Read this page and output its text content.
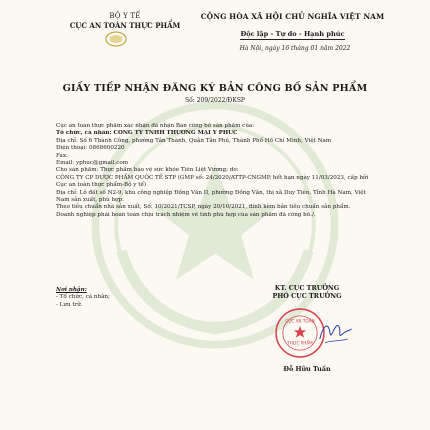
BỘ Y TẾ
CỤC AN TOÀN THỰC PHẨM
CỘNG HÒA XÃ HỘI CHỦ NGHĨA VIỆT NAM
Độc lập - Tự do - Hạnh phúc
Hà Nội, ngày 16 tháng 01 năm 2022
GIẤY TIẾP NHẬN ĐĂNG KÝ BẢN CÔNG BỐ SẢN PHẨM
Số: 209/2022/ĐKSP
Cục an toàn thực phẩm xác nhận đã nhận Bản công bố sản phẩm của:
Tổ chức, cá nhân: CÔNG TY TNHH THƯƠNG MẠI Y PHÚC
Địa chỉ: Số 6 Thành Công, phường Tân Thành, Quận Tân Phú, Thành Phố Hồ Chí Minh, Việt Nam
Điện thoại: 0868600220
Fax:
Email: yphuc@gmail.com
Cho sản phẩm: Thực phẩm bảo vệ sức khỏe Tiên Liệt Vương; do:
CÔNG TY CP DƯỢC PHẨM QUỐC TẾ STP (GMP số: 24/2020/ATTP-CNGMP, hết hạn ngày 11/03/2023, cấp bởi Cục an toàn thực phẩm-Bộ y tế)
Địa chỉ: Lô đất số N2-9, khu công nghiệp Đồng Văn II, phường Đồng Văn, thị xã Duy Tiên, Tỉnh Hà Nam, Việt Nam sản xuất, phù hợp:
Theo tiêu chuẩn nhà sản xuất, Số: 10/2021/TCSP, ngày 20/10/2021, đính kèm bản tiêu chuẩn sản phẩm.
Doanh nghiệp phải hoàn toàn chịu trách nhiệm về tính phù hợp của sản phẩm đã công bố./.
Nơi nhận:
- Tổ chức, cá nhân;
- Lưu trữ.
KT. CỤC TRƯỞNG
PHÓ CỤC TRƯỞNG
THỰC PHẨM
CỤC AN TOÀN
Đỗ Hữu Tuấn
